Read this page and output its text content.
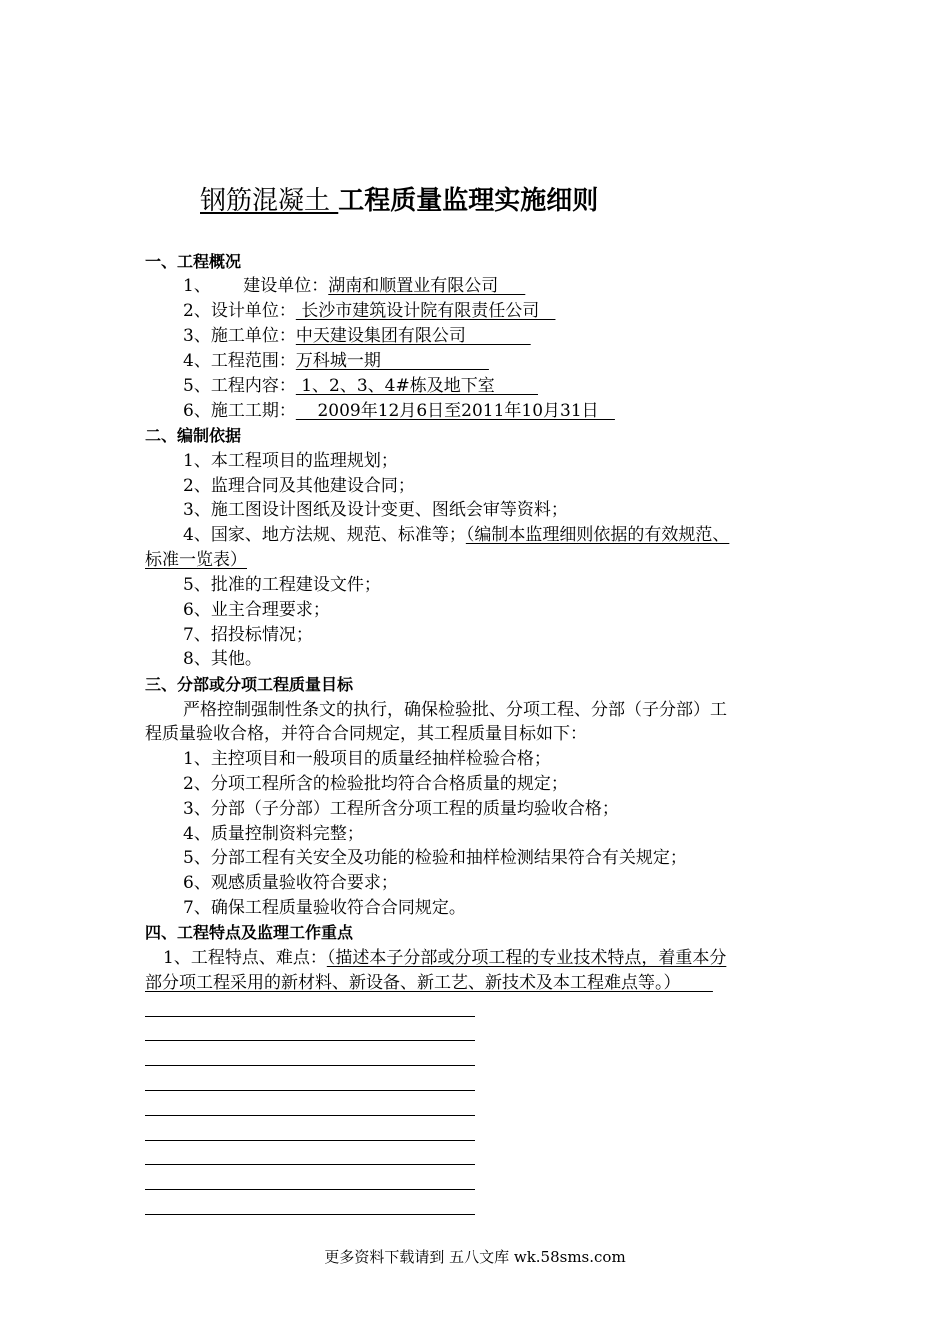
钢筋混凝土 工程质量监理实施细则
一、工程概况
1、      建设单位：湖南和顺置业有限公司
2、设计单位： 长沙市建筑设计院有限责任公司
3、施工单位：中天建设集团有限公司
4、工程范围：万科城一期
5、工程内容： 1、2、3、4#栋及地下室
6、施工工期：    2009年12月6日至2011年10月31日
二、编制依据
1、本工程项目的监理规划；
2、监理合同及其他建设合同；
3、施工图设计图纸及设计变更、图纸会审等资料；
4、国家、地方法规、规范、标准等；（编制本监理细则依据的有效规范、
标准一览表）
5、批准的工程建设文件；
6、业主合理要求；
7、招投标情况；
8、其他。
三、分部或分项工程质量目标
严格控制强制性条文的执行，确保检验批、分项工程、分部（子分部）工
程质量验收合格，并符合合同规定，其工程质量目标如下：
1、主控项目和一般项目的质量经抽样检验合格；
2、分项工程所含的检验批均符合合格质量的规定；
3、分部（子分部）工程所含分项工程的质量均验收合格；
4、质量控制资料完整；
5、分部工程有关安全及功能的检验和抽样检测结果符合有关规定；
6、观感质量验收符合要求；
7、确保工程质量验收符合合同规定。
四、工程特点及监理工作重点
1、工程特点、难点：（描述本子分部或分项工程的专业技术特点，着重本分
部分项工程采用的新材料、新设备、新工艺、新技术及本工程难点等。）
更多资料下载请到 五八文库 wk.58sms.com
